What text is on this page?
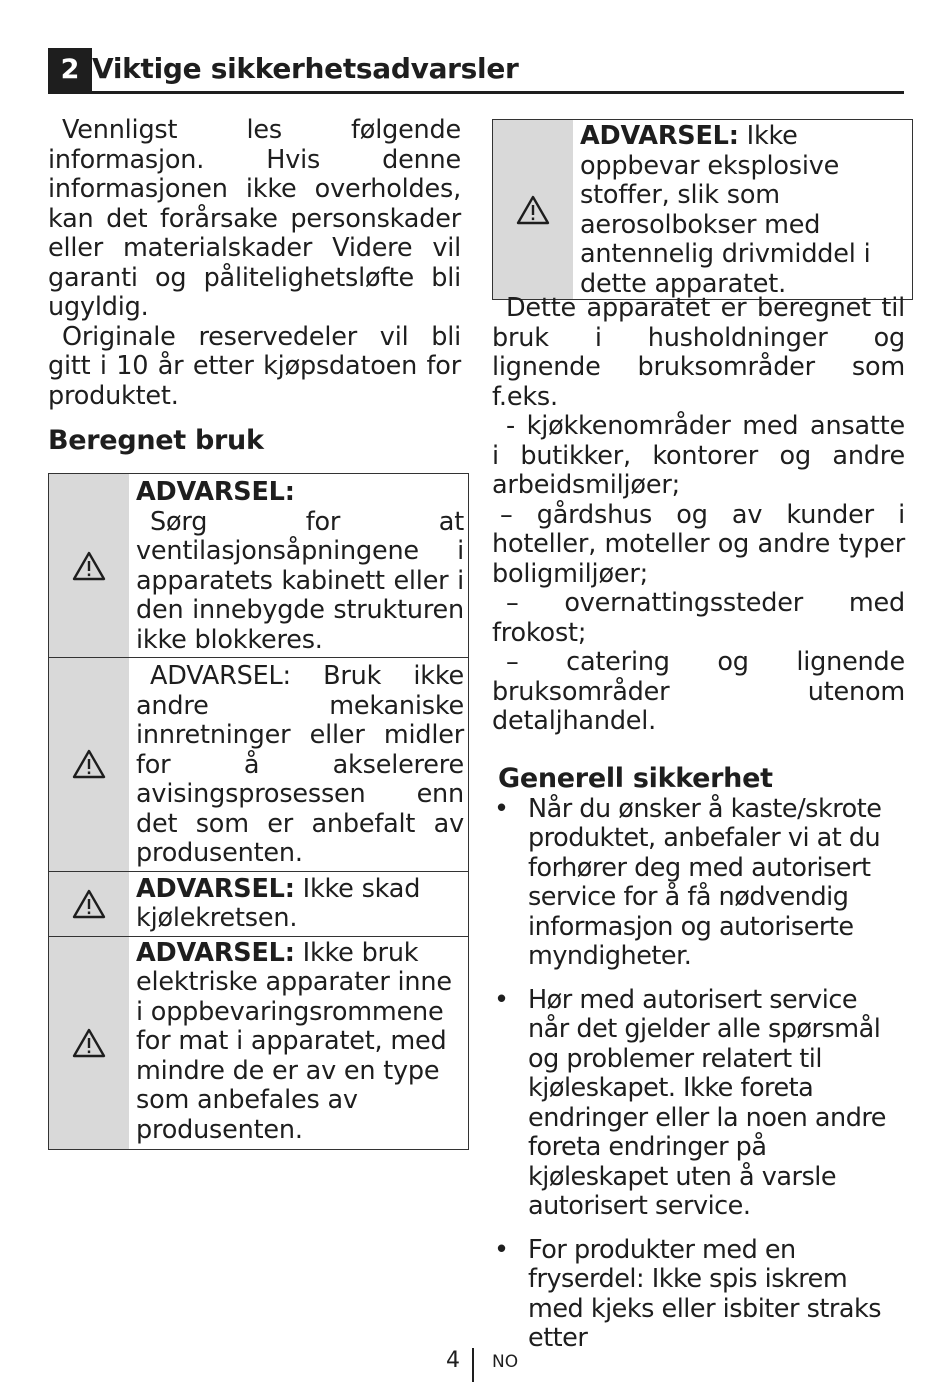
2 Viktige sikkerhetsadvarsler

Vennligst les følgende informasjon. Hvis denne informasjonen ikke overholdes, kan det forårsake personskader eller materialskader Videre vil garanti og pålitelighetsløfte bli ugyldig.

Originale reservedeler vil bli gitt i 10 år etter kjøpsdatoen for produktet.

Beregnet bruk

ADVARSEL:
Sørg for at ventilasjonsåpningene i apparatets kabinett eller i den innebygde strukturen ikke blokkeres.
ADVARSEL: Bruk ikke andre mekaniske innretninger eller midler for å akselerere avisingsprosessen enn det som er anbefalt av produsenten.
ADVARSEL: Ikke skad kjølekretsen.
ADVARSEL: Ikke bruk elektriske apparater inne i oppbevaringsrommene for mat i apparatet, med mindre de er av en type som anbefales av produsenten.
ADVARSEL: Ikke oppbevar eksplosive stoffer, slik som aerosolbokser med antennelig drivmiddel i dette apparatet.

Dette apparatet er beregnet til bruk i husholdninger og lignende bruksområder som f.eks.

- kjøkkenområder med ansatte i butikker, kontorer og andre arbeidsmiljøer;

– gårdshus og av kunder i hoteller, moteller og andre typer boligmiljøer;

– overnattingssteder med frokost;

– catering og lignende bruksområder utenom detaljhandel.

Generell sikkerhet

• Når du ønsker å kaste/skrote produktet, anbefaler vi at du forhører deg med autorisert service for å få nødvendig informasjon og autoriserte myndigheter.
• Hør med autorisert service når det gjelder alle spørsmål og problemer relatert til kjøleskapet. Ikke foreta endringer eller la noen andre foreta endringer på kjøleskapet uten å varsle autorisert service.
• For produkter med en fryserdel: Ikke spis iskrem med kjeks eller isbiter straks etter
4 NO
